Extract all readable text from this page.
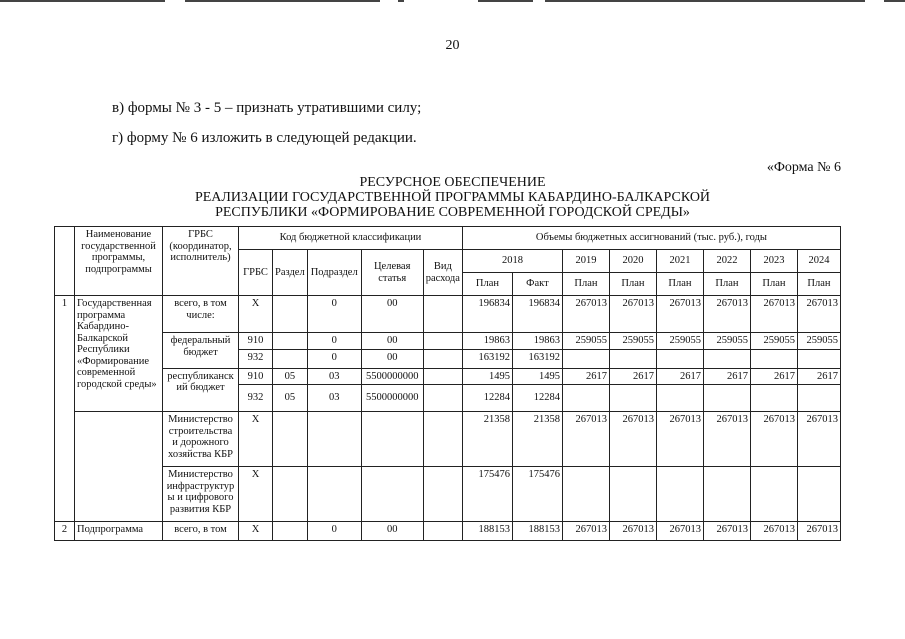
20
в) формы № 3 - 5 – признать утратившими силу;
г) форму № 6 изложить в следующей редакции.
«Форма № 6
РЕСУРСНОЕ ОБЕСПЕЧЕНИЕ
РЕАЛИЗАЦИИ ГОСУДАРСТВЕННОЙ ПРОГРАММЫ КАБАРДИНО-БАЛКАРСКОЙ
РЕСПУБЛИКИ «ФОРМИРОВАНИЕ СОВРЕМЕННОЙ ГОРОДСКОЙ СРЕДЫ»
	Наименование государственной программы, подпрограммы	ГРБС (координатор, исполнитель)	Код бюджетной классификации					Объемы бюджетных ассигнований (тыс. руб.), годы							
			ГРБС	Раздел	Подраздел	Целевая статья	Вид расхода	2018		2019	2020	2021	2022	2023	2024
								План	Факт	План	План	План	План	План	План
1	Государственная программа Кабардино-Балкарской Республики «Формирование современной городской среды»	всего, в том числе:	Х		0	00		196834	196834	267013	267013	267013	267013	267013	267013
		федеральный бюджет	910		0	00		19863	19863	259055	259055	259055	259055	259055	259055
			932		0	00		163192	163192						
		республиканск ий бюджет	910	05	03	5500000000		1495	1495	2617	2617	2617	2617	2617	2617
			932	05	03	5500000000		12284	12284						
		Министерство строительства и дорожного хозяйства КБР	Х					21358	21358	267013	267013	267013	267013	267013	267013
		Министерство инфраструктур ы и цифрового развития КБР	Х					175476	175476						
2	Подпрограмма	всего, в том	Х		0	00		188153	188153	267013	267013	267013	267013	267013	267013
